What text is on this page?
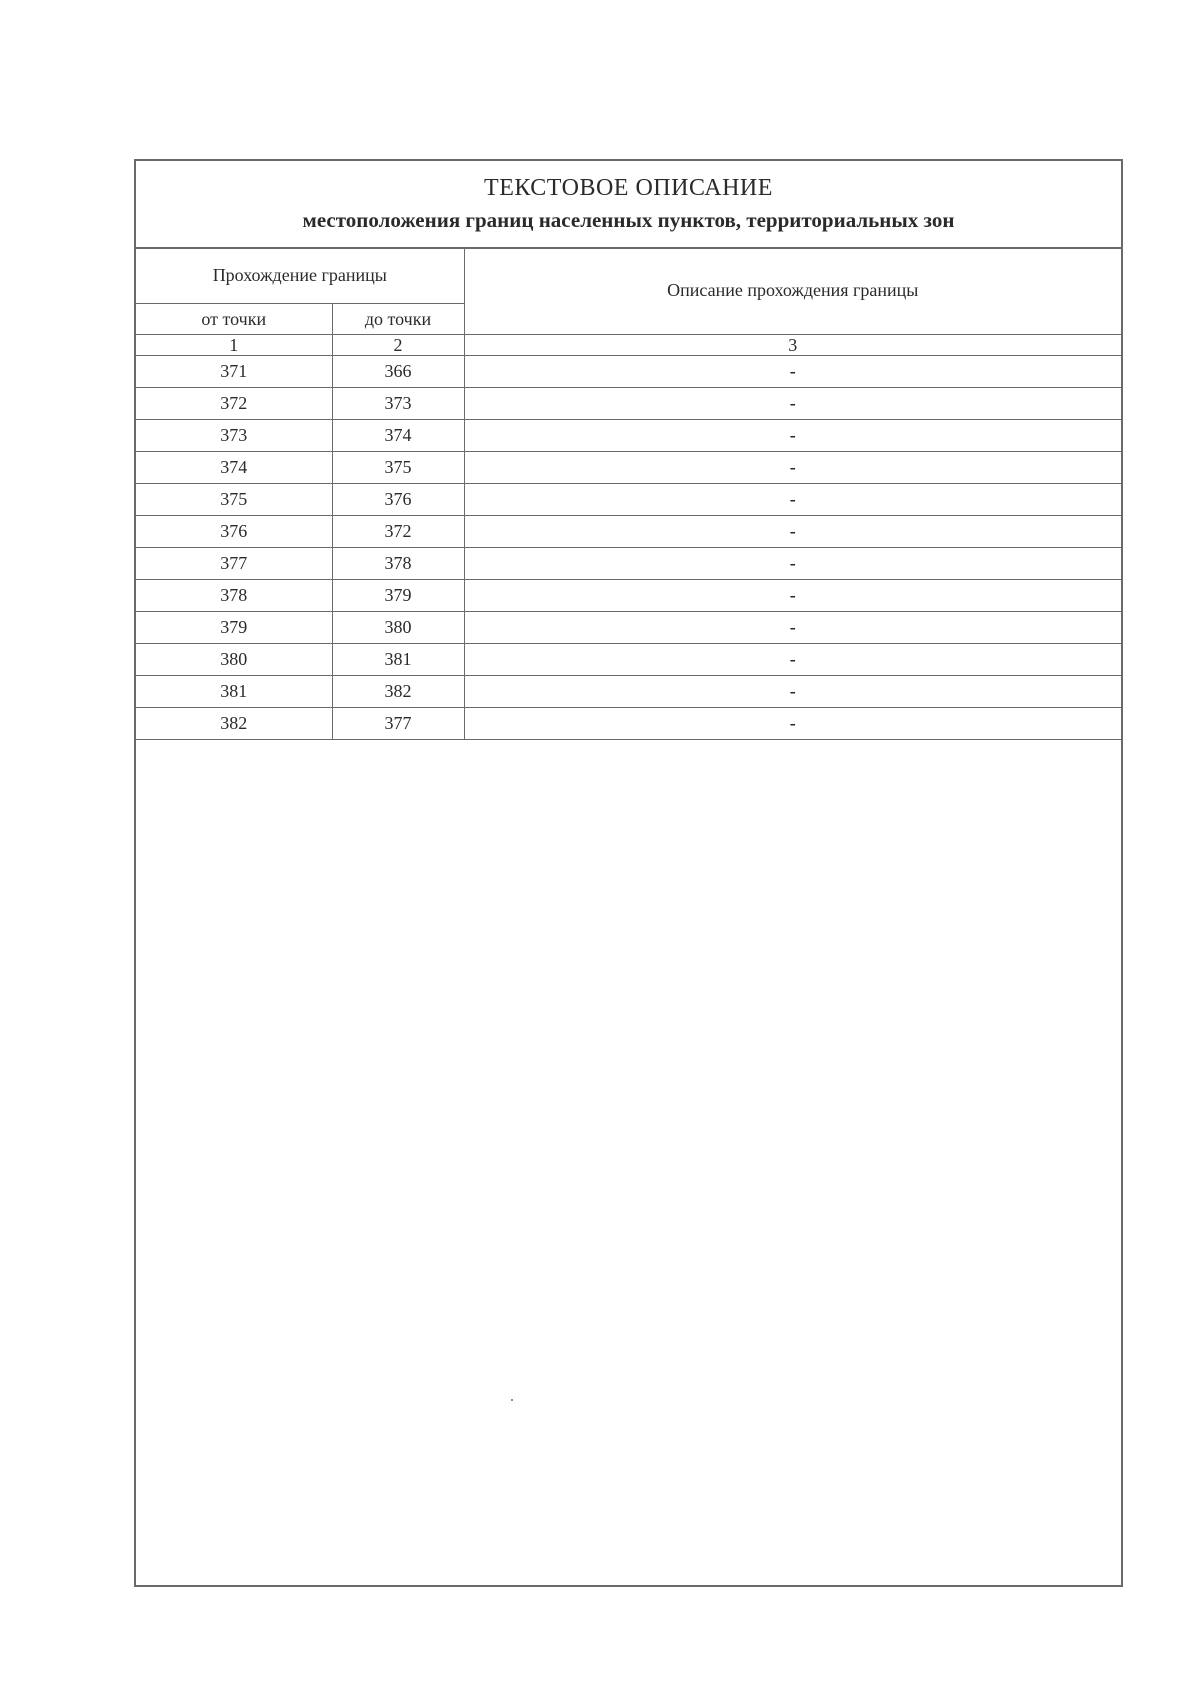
ТЕКСТОВОЕ ОПИСАНИЕ
местоположения границ населенных пунктов, территориальных зон
Прохождение границы		Описание прохождения границы
от точки	до точки	
1	2	3
371	366	-
372	373	-
373	374	-
374	375	-
375	376	-
376	372	-
377	378	-
378	379	-
379	380	-
380	381	-
381	382	-
382	377	-
